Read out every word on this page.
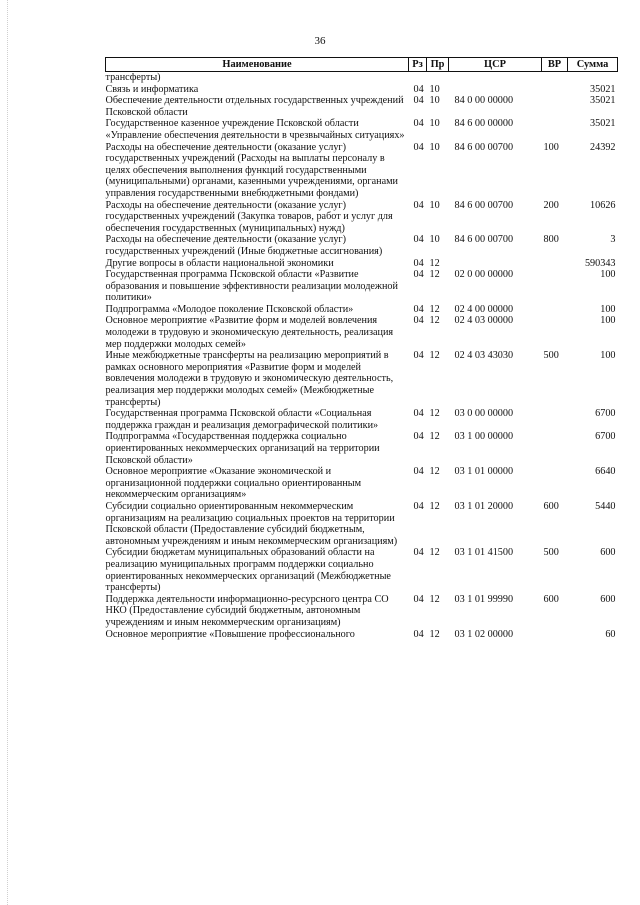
36
Наименование	Рз	Пр	ЦСР	ВР	Сумма
трансферты)					
Связь и информатика	04	10			35021
Обеспечение деятельности отдельных государственных учреждений Псковской области	04	10	84 0 00 00000		35021
Государственное казенное учреждение Псковской области «Управление обеспечения деятельности в чрезвычайных ситуациях»	04	10	84 6 00 00000		35021
Расходы на обеспечение деятельности (оказание услуг) государственных учреждений (Расходы на выплаты персоналу в целях обеспечения выполнения функций государственными (муниципальными) органами, казенными учреждениями, органами управления государственными внебюджетными фондами)	04	10	84 6 00 00700	100	24392
Расходы на обеспечение деятельности (оказание услуг) государственных учреждений (Закупка товаров, работ и услуг для обеспечения государственных (муниципальных) нужд)	04	10	84 6 00 00700	200	10626
Расходы на обеспечение деятельности (оказание услуг) государственных учреждений (Иные бюджетные ассигнования)	04	10	84 6 00 00700	800	3
Другие вопросы в области национальной экономики	04	12			590343
Государственная программа Псковской области «Развитие образования и повышение эффективности реализации молодежной политики»	04	12	02 0 00 00000		100
Подпрограмма «Молодое поколение Псковской области»	04	12	02 4 00 00000		100
Основное мероприятие «Развитие форм и моделей вовлечения молодежи в трудовую и экономическую деятельность, реализация мер поддержки молодых семей»	04	12	02 4 03 00000		100
Иные межбюджетные трансферты на реализацию мероприятий в рамках основного мероприятия «Развитие форм и моделей вовлечения молодежи в трудовую и экономическую деятельность, реализация мер поддержки молодых семей» (Межбюджетные трансферты)	04	12	02 4 03 43030	500	100
Государственная программа Псковской области «Социальная поддержка граждан и реализация демографической политики»	04	12	03 0 00 00000		6700
Подпрограмма «Государственная поддержка социально ориентированных некоммерческих организаций на территории Псковской области»	04	12	03 1 00 00000		6700
Основное мероприятие «Оказание экономической и организационной поддержки социально ориентированным некоммерческим организациям»	04	12	03 1 01 00000		6640
Субсидии социально ориентированным некоммерческим организациям на реализацию социальных проектов на территории Псковской области (Предоставление субсидий бюджетным, автономным учреждениям и иным некоммерческим организациям)	04	12	03 1 01 20000	600	5440
Субсидии бюджетам муниципальных образований области на реализацию муниципальных программ поддержки социально ориентированных некоммерческих организаций (Межбюджетные трансферты)	04	12	03 1 01 41500	500	600
Поддержка деятельности информационно-ресурсного центра СО НКО (Предоставление субсидий бюджетным, автономным учреждениям и иным некоммерческим организациям)	04	12	03 1 01 99990	600	600
Основное мероприятие «Повышение профессионального	04	12	03 1 02 00000		60
